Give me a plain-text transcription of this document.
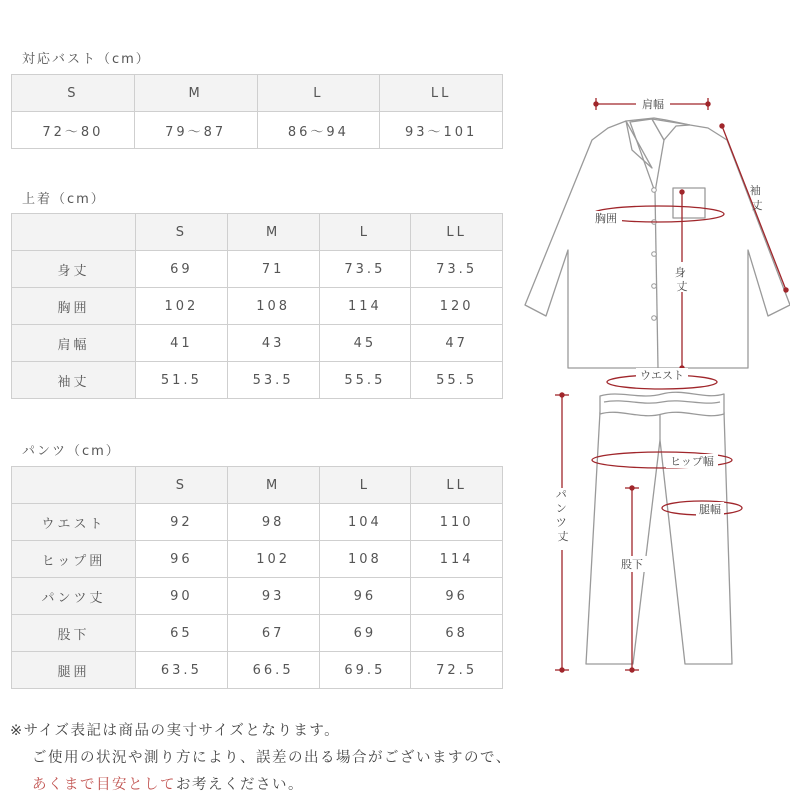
対応バスト（cm）
S	M	L	LL
72〜80	79〜87	86〜94	93〜101
上着（cm）
	S	M	L	LL
身丈	69	71	73.5	73.5
胸囲	102	108	114	120
肩幅	41	43	45	47
袖丈	51.5	53.5	55.5	55.5
パンツ（cm）
	S	M	L	LL
ウエスト	92	98	104	110
ヒップ囲	96	102	108	114
パンツ丈	90	93	96	96
股下	65	67	69	68
腿囲	63.5	66.5	69.5	72.5
肩幅
袖 丈
胸囲
身 丈
ウエスト
ヒップ幅
腿幅
股下
パ ン ツ 丈
※サイズ表記は商品の実寸サイズとなります。
ご使用の状況や測り方により、誤差の出る場合がございますので、
あくまで目安としてお考えください。
